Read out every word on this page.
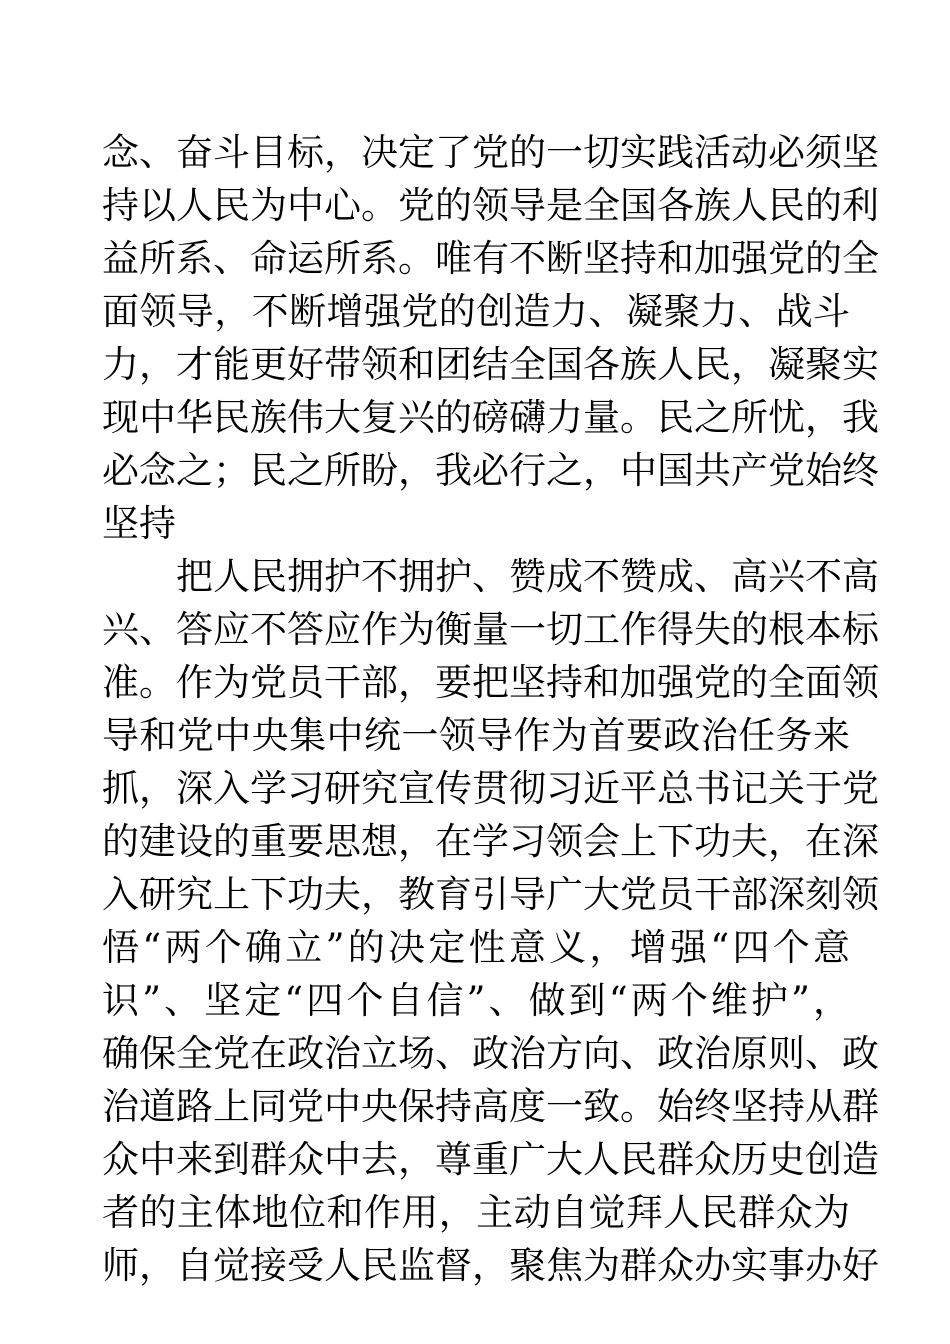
念、奋斗目标，决定了党的一切实践活动必须坚
持以人民为中心。党的领导是全国各族人民的利
益所系、命运所系。唯有不断坚持和加强党的全
面领导，不断增强党的创造力、凝聚力、战斗
力，才能更好带领和团结全国各族人民，凝聚实
现中华民族伟大复兴的磅礴力量。民之所忧，我
必念之；民之所盼，我必行之，中国共产党始终
坚持
把人民拥护不拥护、赞成不赞成、高兴不高
兴、答应不答应作为衡量一切工作得失的根本标
准。作为党员干部，要把坚持和加强党的全面领
导和党中央集中统一领导作为首要政治任务来
抓，深入学习研究宣传贯彻习近平总书记关于党
的建设的重要思想，在学习领会上下功夫，在深
入研究上下功夫，教育引导广大党员干部深刻领
悟“两个确立”的决定性意义，增强“四个意
识”、坚定“四个自信”、做到“两个维护”，
确保全党在政治立场、政治方向、政治原则、政
治道路上同党中央保持高度一致。始终坚持从群
众中来到群众中去，尊重广大人民群众历史创造
者的主体地位和作用，主动自觉拜人民群众为
师，自觉接受人民监督，聚焦为群众办实事办好
